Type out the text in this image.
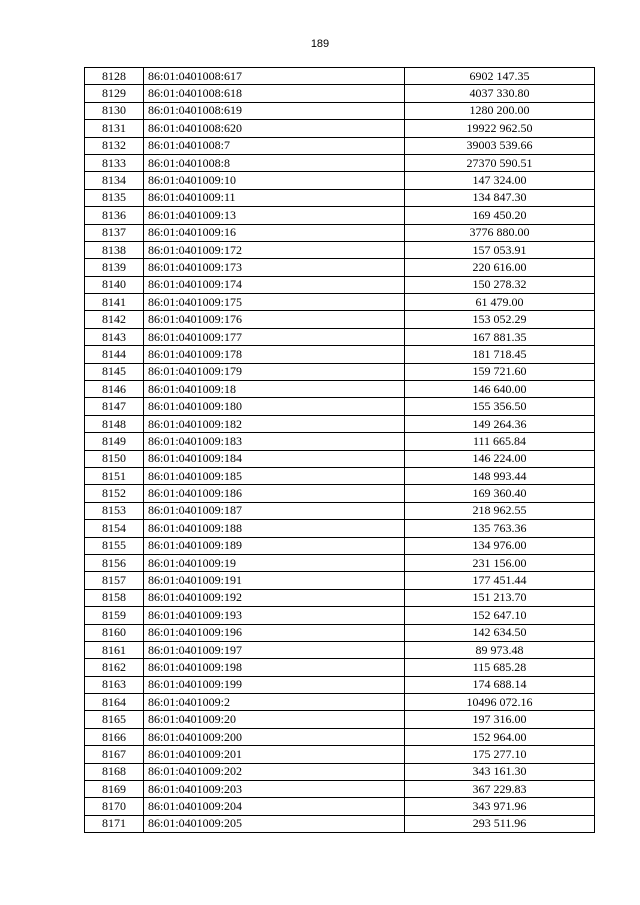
189
8128	86:01:0401008:617	6902 147.35
8129	86:01:0401008:618	4037 330.80
8130	86:01:0401008:619	1280 200.00
8131	86:01:0401008:620	19922 962.50
8132	86:01:0401008:7	39003 539.66
8133	86:01:0401008:8	27370 590.51
8134	86:01:0401009:10	147 324.00
8135	86:01:0401009:11	134 847.30
8136	86:01:0401009:13	169 450.20
8137	86:01:0401009:16	3776 880.00
8138	86:01:0401009:172	157 053.91
8139	86:01:0401009:173	220 616.00
8140	86:01:0401009:174	150 278.32
8141	86:01:0401009:175	61 479.00
8142	86:01:0401009:176	153 052.29
8143	86:01:0401009:177	167 881.35
8144	86:01:0401009:178	181 718.45
8145	86:01:0401009:179	159 721.60
8146	86:01:0401009:18	146 640.00
8147	86:01:0401009:180	155 356.50
8148	86:01:0401009:182	149 264.36
8149	86:01:0401009:183	111 665.84
8150	86:01:0401009:184	146 224.00
8151	86:01:0401009:185	148 993.44
8152	86:01:0401009:186	169 360.40
8153	86:01:0401009:187	218 962.55
8154	86:01:0401009:188	135 763.36
8155	86:01:0401009:189	134 976.00
8156	86:01:0401009:19	231 156.00
8157	86:01:0401009:191	177 451.44
8158	86:01:0401009:192	151 213.70
8159	86:01:0401009:193	152 647.10
8160	86:01:0401009:196	142 634.50
8161	86:01:0401009:197	89 973.48
8162	86:01:0401009:198	115 685.28
8163	86:01:0401009:199	174 688.14
8164	86:01:0401009:2	10496 072.16
8165	86:01:0401009:20	197 316.00
8166	86:01:0401009:200	152 964.00
8167	86:01:0401009:201	175 277.10
8168	86:01:0401009:202	343 161.30
8169	86:01:0401009:203	367 229.83
8170	86:01:0401009:204	343 971.96
8171	86:01:0401009:205	293 511.96
